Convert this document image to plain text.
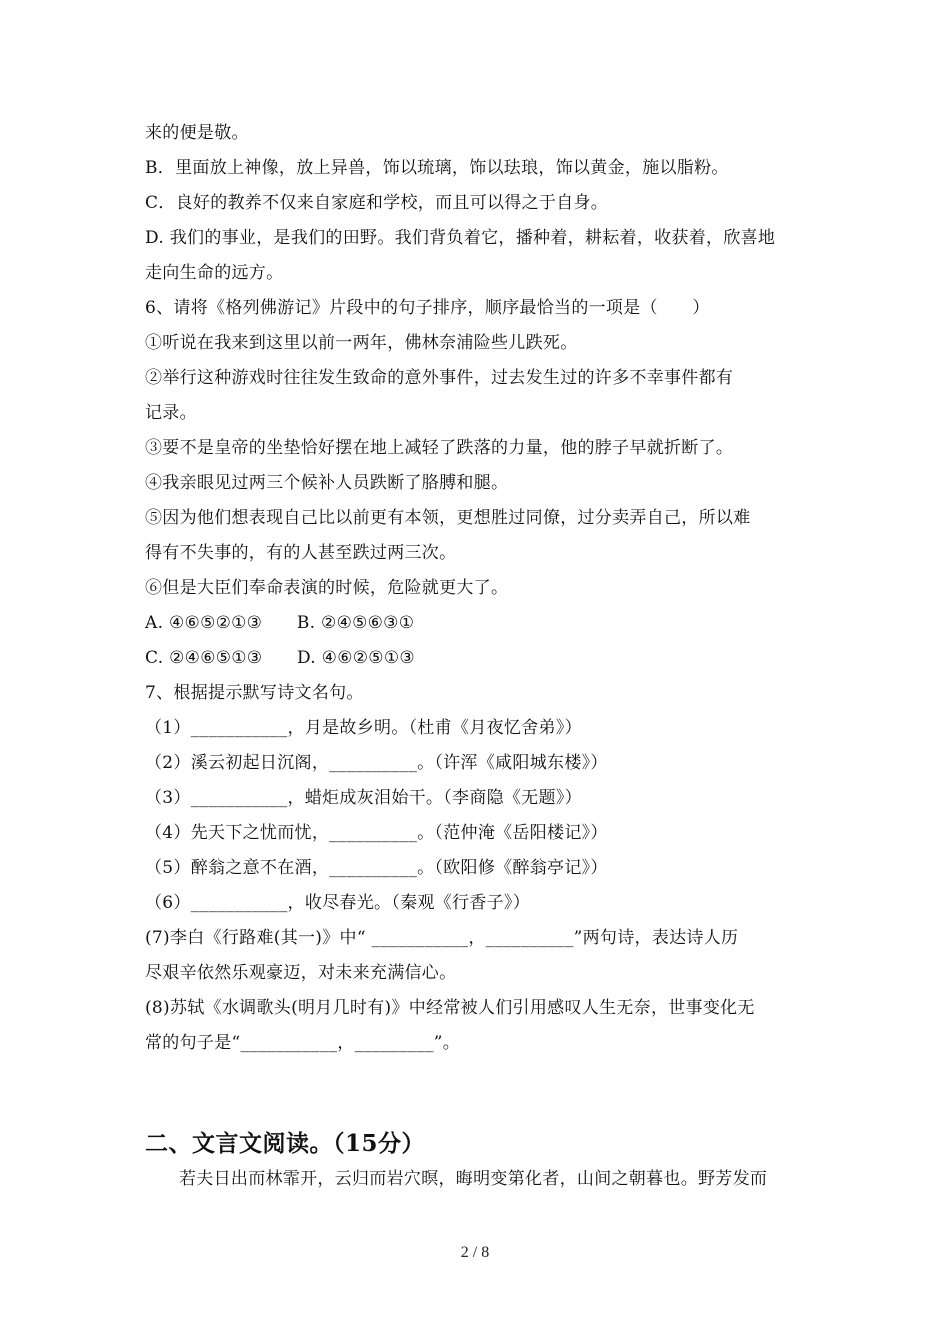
来的便是敬。
B．里面放上神像，放上异兽，饰以琉璃，饰以珐琅，饰以黄金，施以脂粉。
C．良好的教养不仅来自家庭和学校，而且可以得之于自身。
D. 我们的事业，是我们的田野。我们背负着它，播种着，耕耘着，收获着，欣喜地
走向生命的远方。
6、请将《格列佛游记》片段中的句子排序，顺序最恰当的一项是（　　）
①听说在我来到这里以前一两年，佛林奈浦险些儿跌死。
②举行这种游戏时往往发生致命的意外事件，过去发生过的许多不幸事件都有
记录。
③要不是皇帝的坐垫恰好摆在地上减轻了跌落的力量，他的脖子早就折断了。
④我亲眼见过两三个候补人员跌断了胳膊和腿。
⑤因为他们想表现自己比以前更有本领，更想胜过同僚，过分卖弄自己，所以难
得有不失事的，有的人甚至跌过两三次。
⑥但是大臣们奉命表演的时候，危险就更大了。
A. ④⑥⑤②①③　　B. ②④⑤⑥③①
C. ②④⑥⑤①③　　D. ④⑥②⑤①③
7、根据提示默写诗文名句。
（1）___________，月是故乡明。（杜甫《月夜忆舍弟》）
（2）溪云初起日沉阁，__________。（许浑《咸阳城东楼》）
（3）___________，蜡炬成灰泪始干。（李商隐《无题》）
（4）先天下之忧而忧，__________。（范仲淹《岳阳楼记》）
（5）醉翁之意不在酒，__________。（欧阳修《醉翁亭记》）
（6）___________，收尽春光。（秦观《行香子》）
(7)李白《行路难(其一)》中“ ___________，__________”两句诗，表达诗人历
尽艰辛依然乐观豪迈，对未来充满信心。
(8)苏轼《水调歌头(明月几时有)》中经常被人们引用感叹人生无奈，世事变化无
常的句子是“___________，_________”。
二、文言文阅读。（15分）
若夫日出而林霏开，云归而岩穴暝，晦明变第化者，山间之朝暮也。野芳发而
2 / 8
